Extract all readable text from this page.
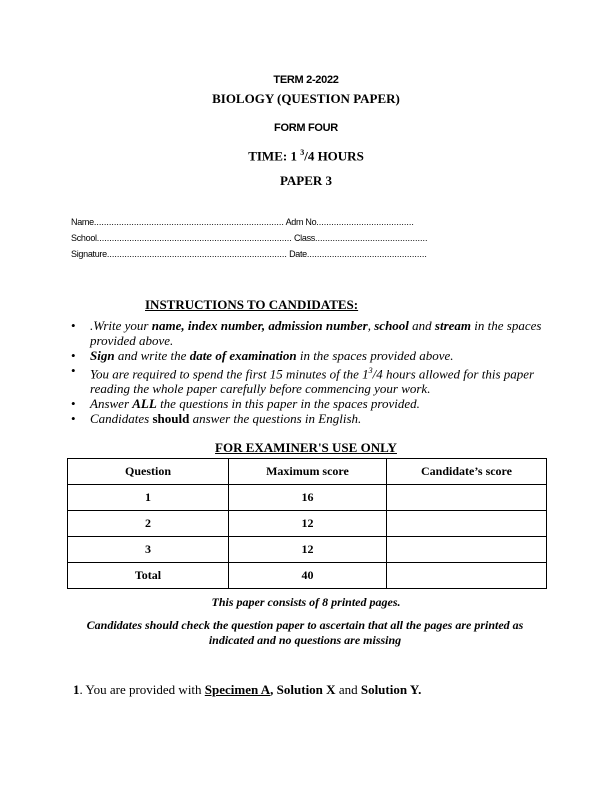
TERM 2-2022
BIOLOGY (QUESTION PAPER)
FORM FOUR
TIME: 1 $^3$/4 HOURS
PAPER 3
Name............................................................................ Adm No.......................................
School.............................................................................. Class.............................................
Signature........................................................................ Date................................................
INSTRUCTIONS TO CANDIDATES:
• .Write your name, index number, admission number, school and stream in the spaces provided above.
• Sign and write the date of examination in the spaces provided above.
• You are required to spend the first 15 minutes of the $1^3/4$ hours allowed for this paper reading the whole paper carefully before commencing your work.
• Answer ALL the questions in this paper in the spaces provided.
• Candidates should answer the questions in English.
FOR EXAMINER'S USE ONLY
Question	Maximum score	Candidate’s score
1	16	
2	12	
3	12	
Total	40	
This paper consists of 8 printed pages.
Candidates should check the question paper to ascertain that all the pages are printed as indicated and no questions are missing
1. You are provided with Specimen A, Solution X and Solution Y.
